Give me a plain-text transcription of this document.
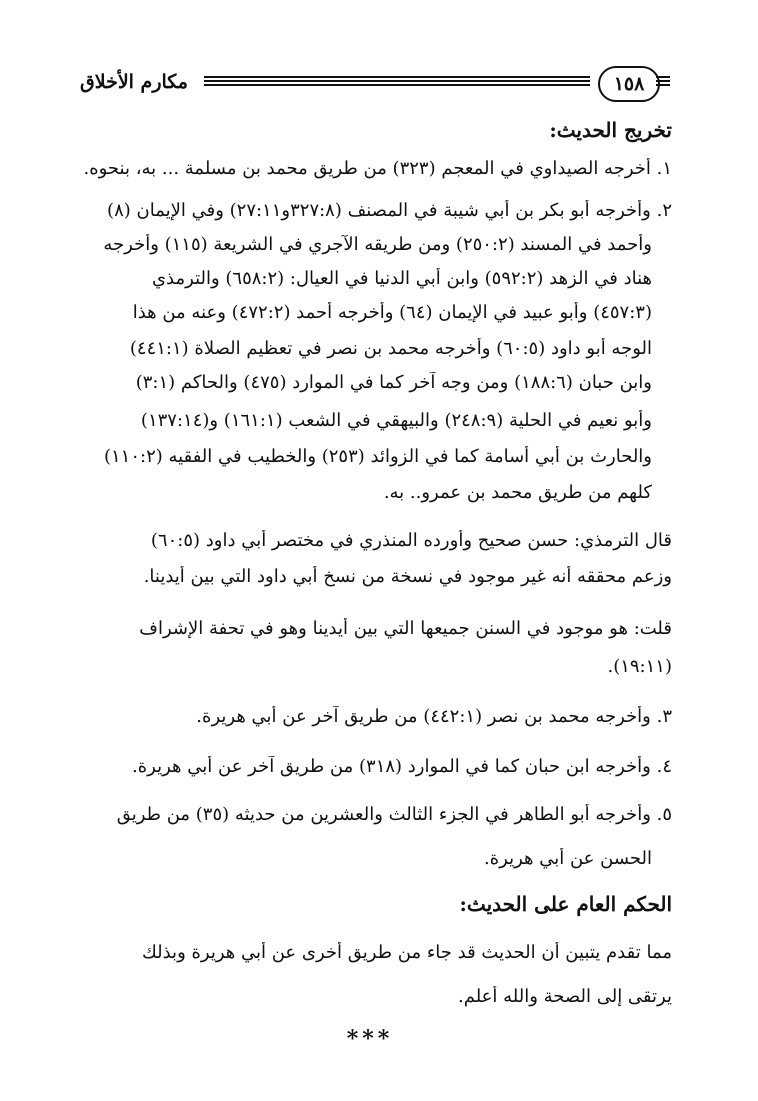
مكارم الأخلاق	١٥٨
تخريج الحديث:
١. أخرجه الصيداوي في المعجم (٣٢٣) من طريق محمد بن مسلمة ... به، بنحوه.
٢. وأخرجه أبو بكر بن أبي شيبة في المصنف (٣٢٧:٨و٢٧:١١) وفي الإيمان (٨)
وأحمد في المسند (٢٥٠:٢) ومن طريقه الآجري في الشريعة (١١٥) وأخرجه
هناد في الزهد (٥٩٢:٢) وابن أبي الدنيا في العيال: (٦٥٨:٢) والترمذي
(٤٥٧:٣) وأبو عبيد في الإيمان (٦٤) وأخرجه أحمد (٤٧٢:٢) وعنه من هذا
الوجه أبو داود (٦٠:٥) وأخرجه محمد بن نصر في تعظيم الصلاة (٤٤١:١)
وابن حبان (١٨٨:٦) ومن وجه آخر كما في الموارد (٤٧٥) والحاكم (٣:١)
وأبو نعيم في الحلية (٢٤٨:٩) والبيهقي في الشعب (١٦١:١) و(١٣٧:١٤)
والحارث بن أبي أسامة كما في الزوائد (٢٥٣) والخطيب في الفقيه (١١٠:٢)
كلهم من طريق محمد بن عمرو.. به.
قال الترمذي: حسن صحيح وأورده المنذري في مختصر أبي داود (٦٠:٥)
وزعم محققه أنه غير موجود في نسخة من نسخ أبي داود التي بين أيدينا.
قلت: هو موجود في السنن جميعها التي بين أيدينا وهو في تحفة الإشراف
(١٩:١١).
٣. وأخرجه محمد بن نصر (٤٤٢:١) من طريق آخر عن أبي هريرة.
٤. وأخرجه ابن حبان كما في الموارد (٣١٨) من طريق آخر عن أبي هريرة.
٥. وأخرجه أبو الطاهر في الجزء الثالث والعشرين من حديثه (٣٥) من طريق
الحسن عن أبي هريرة.
الحكم العام على الحديث:
مما تقدم يتبين أن الحديث قد جاء من طريق أخرى عن أبي هريرة وبذلك
يرتقى إلى الصحة والله أعلم.
***
